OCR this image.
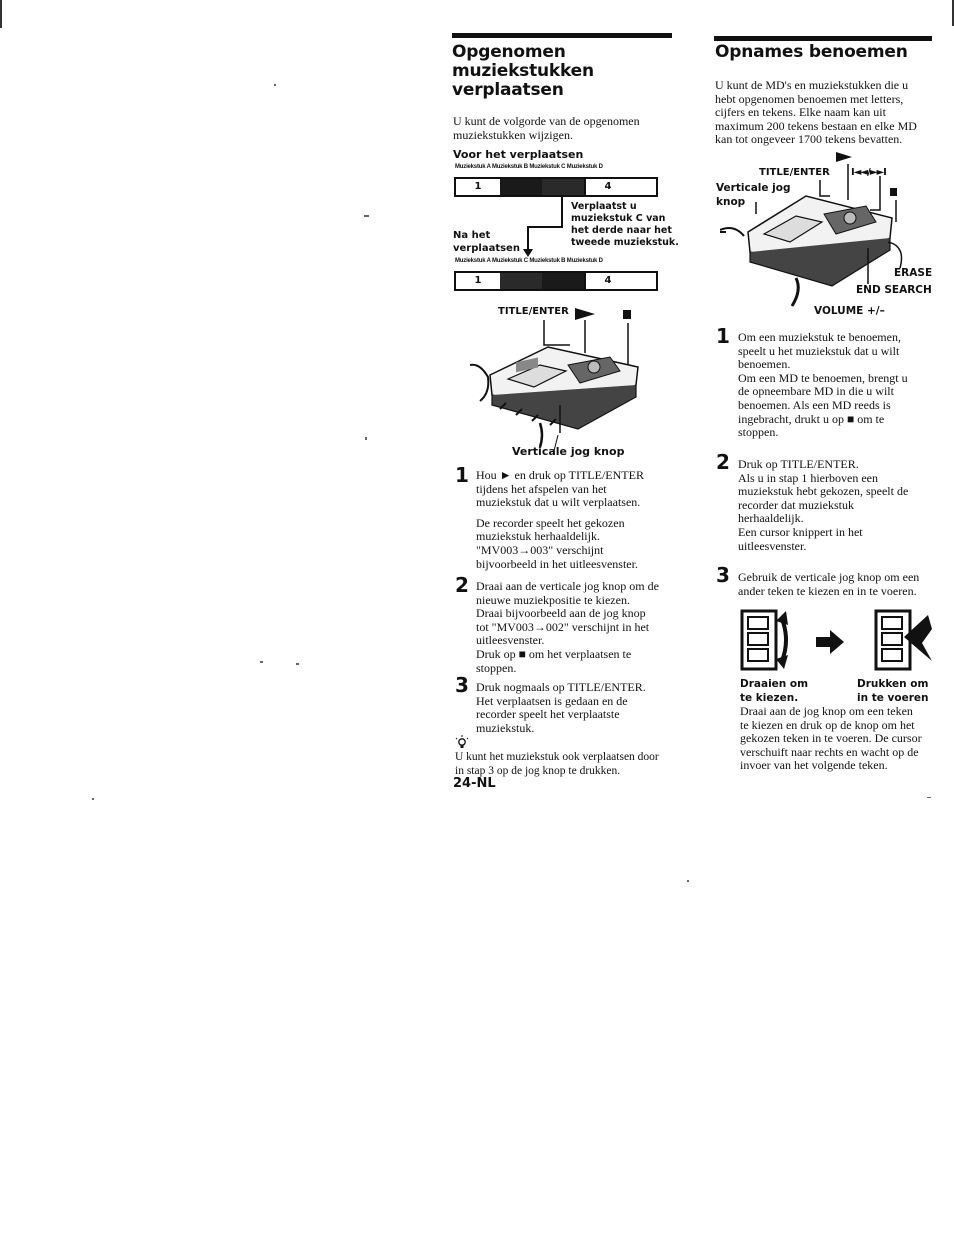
Opgenomen
muziekstukken
verplaatsen
U kunt de volgorde van de opgenomen muziekstukken wijzigen.
Voor het verplaatsen
Muziekstuk A Muziekstuk B Muziekstuk C Muziekstuk D
1	4
Verplaatst u
muziekstuk C van
het derde naar het
tweede muziekstuk.
Na het
verplaatsen
Muziekstuk A Muziekstuk C Muziekstuk B Muziekstuk D
1	4
TITLE/ENTER
Verticale jog knop
1 Hou ► en druk op TITLE/ENTER
tijdens het afspelen van het
muziekstuk dat u wilt verplaatsen.
De recorder speelt het gekozen
muziekstuk herhaaldelijk.
"MV003→003" verschijnt
bijvoorbeeld in het uitleesvenster.
2 Draai aan de verticale jog knop om de
nieuwe muziekpositie te kiezen.
Draai bijvoorbeeld aan de jog knop
tot "MV003→002" verschijnt in het
uitleesvenster.
Druk op ■ om het verplaatsen te
stoppen.
3 Druk nogmaals op TITLE/ENTER.
Het verplaatsen is gedaan en de
recorder speelt het verplaatste
muziekstuk.
U kunt het muziekstuk ook verplaatsen door
in stap 3 op de jog knop te drukken.
24-NL
Opnames benoemen
U kunt de MD's en muziekstukken die u
hebt opgenomen benoemen met letters,
cijfers en tekens. Elke naam kan uit
maximum 200 tekens bestaan en elke MD
kan tot ongeveer 1700 tekens bevatten.
TITLE/ENTER
Verticale jog
knop
I◄◄/►►I
ERASE
END SEARCH
VOLUME +/–
1 Om een muziekstuk te benoemen,
speelt u het muziekstuk dat u wilt
benoemen.
Om een MD te benoemen, brengt u
de opneembare MD in die u wilt
benoemen. Als een MD reeds is
ingebracht, drukt u op ■ om te
stoppen.
2 Druk op TITLE/ENTER.
Als u in stap 1 hierboven een
muziekstuk hebt gekozen, speelt de
recorder dat muziekstuk
herhaaldelijk.
Een cursor knippert in het
uitleesvenster.
3 Gebruik de verticale jog knop om een
ander teken te kiezen en in te voeren.
Draaien om
te kiezen.
Drukken om
in te voeren
Draai aan de jog knop om een teken
te kiezen en druk op de knop om het
gekozen teken in te voeren. De cursor
verschuift naar rechts en wacht op de
invoer van het volgende teken.
